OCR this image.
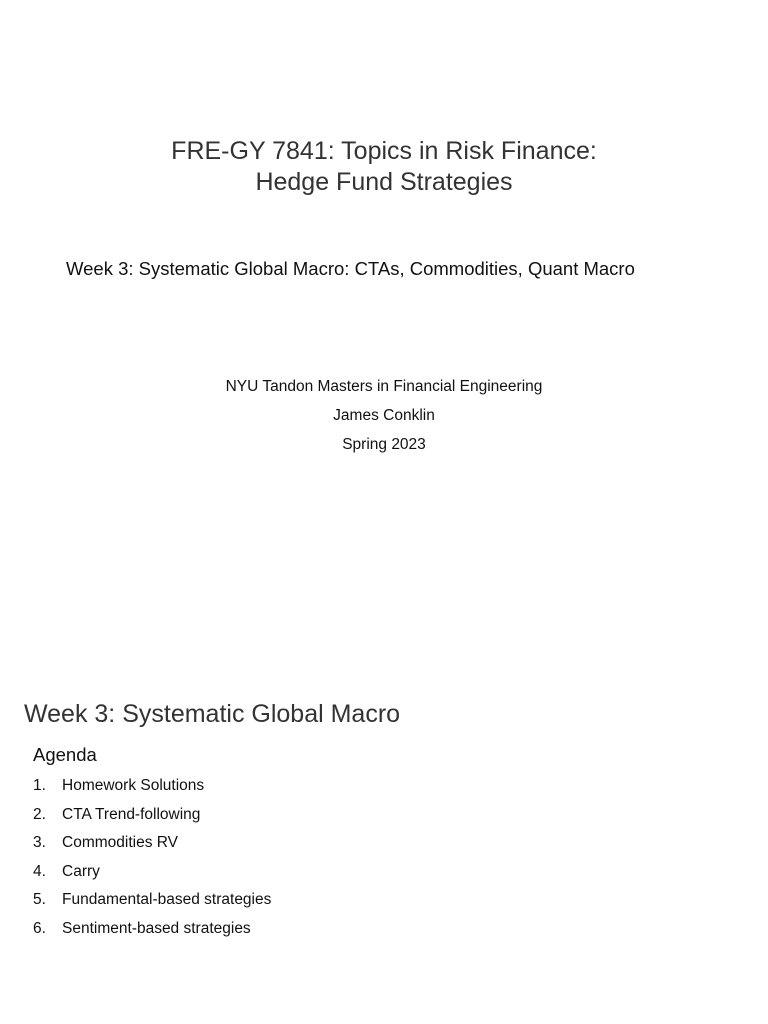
FRE-GY 7841: Topics in Risk Finance:
Hedge Fund Strategies
Week 3: Systematic Global Macro: CTAs, Commodities, Quant Macro
NYU Tandon Masters in Financial Engineering
James Conklin
Spring 2023
Week 3: Systematic Global Macro
Agenda
1.	Homework Solutions
2.	CTA Trend-following
3.	Commodities RV
4.	Carry
5.	Fundamental-based strategies
6.	Sentiment-based strategies
